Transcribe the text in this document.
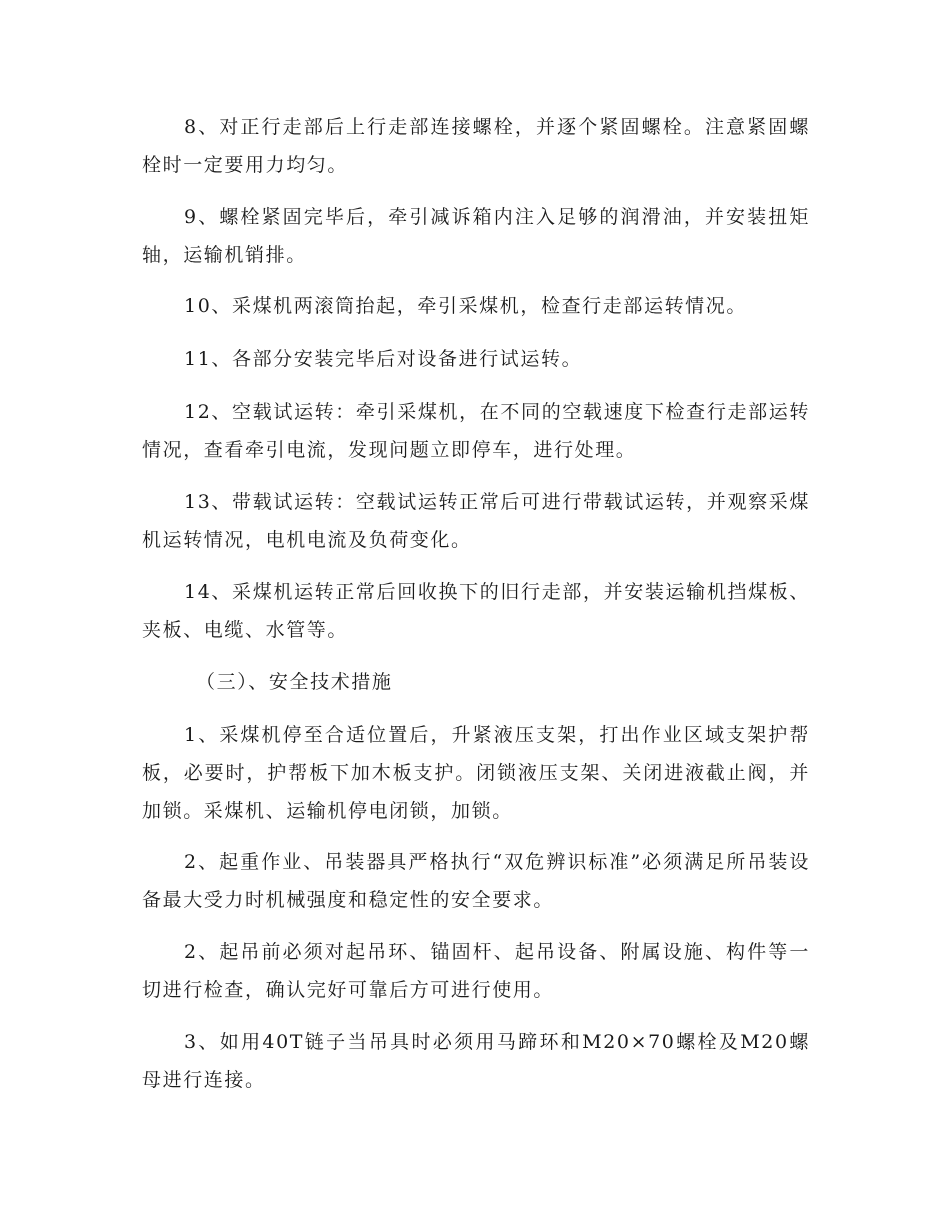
8、对正行走部后上行走部连接螺栓，并逐个紧固螺栓。注意紧固螺栓时一定要用力均匀。

9、螺栓紧固完毕后，牵引减诉箱内注入足够的润滑油，并安装扭矩轴，运输机销排。

10、采煤机两滚筒抬起，牵引采煤机，检查行走部运转情况。

11、各部分安装完毕后对设备进行试运转。

12、空载试运转：牵引采煤机，在不同的空载速度下检查行走部运转情况，查看牵引电流，发现问题立即停车，进行处理。

13、带载试运转：空载试运转正常后可进行带载试运转，并观察采煤机运转情况，电机电流及负荷变化。

14、采煤机运转正常后回收换下的旧行走部，并安装运输机挡煤板、夹板、电缆、水管等。

（三）、安全技术措施

1、采煤机停至合适位置后，升紧液压支架，打出作业区域支架护帮板，必要时，护帮板下加木板支护。闭锁液压支架、关闭进液截止阀，并加锁。采煤机、运输机停电闭锁，加锁。

2、起重作业、吊装器具严格执行“双危辨识标准”必须满足所吊装设备最大受力时机械强度和稳定性的安全要求。

2、起吊前必须对起吊环、锚固杆、起吊设备、附属设施、构件等一切进行检查，确认完好可靠后方可进行使用。

3、如用40T链子当吊具时必须用马蹄环和M20×70螺栓及M20螺母进行连接。
